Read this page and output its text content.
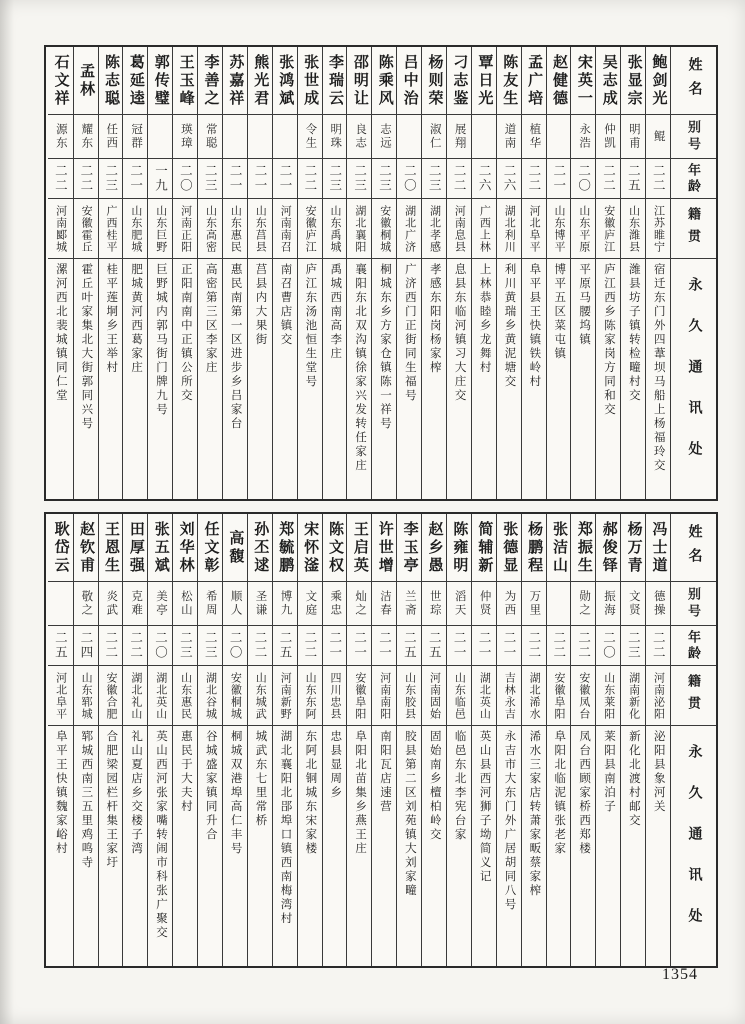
姓名
别号
年龄
籍贯
永久通讯处
鲍剑光
鲲
二二
江苏睢宁
宿迁东门外四葦坝马船上杨福玲交
张显宗
明甫
二五
山东潍县
潍县坊子镇转检疃村交
吴志成
仲凯
二二
安徽庐江
庐江西乡陈家岗方同和交
宋英一
永浩
二〇
山东平原
平原马腰坞镇
赵健德
二一
山东博平
博平五区菜屯镇
孟广培
植华
二二
河北阜平
阜平县王快镇铁岭村
陈友生
道南
二六
湖北利川
利川黄瑞乡黄泥塘交
覃日光
二六
广西上林
上林恭睦乡龙舞村
刁志鉴
展翔
二二
河南息县
息县东临河镇习大庄交
杨则荣
淑仁
二三
湖北孝感
孝感东阳岗杨家榨
吕中治
二〇
湖北广济
广济西门正街同生福号
陈乘风
志远
二三
安徽桐城
桐城东乡方家仓镇陈一祥号
邵明让
良志
二三
湖北襄阳
襄阳东北双沟镇徐家兴发转任家庄
李瑞云
明珠
二三
山东禹城
禹城西南高李庄
张世成
令生
二二
安徽庐江
庐江东汤池恒生堂号
张鸿斌
二一
河南南召
南召曹店镇交
熊光君
二一
山东莒县
莒县内大果街
苏嘉祥
二一
山东惠民
惠民南第一区进步乡吕家台
李善之
常聪
二三
山东高密
高密第三区李家庄
王玉峰
瑛璋
二〇
河南正阳
正阳南南中正镇公所交
郭传璧
一九
山东巨野
巨野城内郭马街门牌九号
葛延逵
冠群
二一
山东肥城
肥城黄河西葛家庄
陈志聪
任西
二三
广西桂平
桂平莲垌乡王举村
孟林
耀东
二二
安徽霍丘
霍丘叶家集北大街郭同兴号
石文祥
源东
二二
河南郾城
漯河西北裴城镇同仁堂
姓名
别号
年龄
籍贯
永久通讯处
冯士道
德操
二二
河南泌阳
泌阳县象河关
杨万青
文贤
二三
湖南新化
新化北渡村邮交
郝俊铎
振海
二〇
山东莱阳
莱阳县南泊子
郑振生
勋之
二二
安徽凤台
凤台西顾家桥西郑楼
张洁山
二二
安徽阜阳
阜阳北临泥镇张老家
杨鹏程
万里
二二
湖北浠水
浠水三家店转萧家畈蔡家榨
张德显
为西
二一
吉林永吉
永吉市大东门外广居胡同八号
简辅新
仲贤
二一
湖北英山
英山县西河狮子坳简义记
陈雍明
滔天
二一
山东临邑
临邑东北李宪台家
赵乡愚
世琮
二五
河南固始
固始南乡檀柏岭交
李玉亭
兰斋
二五
山东胶县
胶县第二区刘苑镇大刘家疃
许世增
洁春
二一
河南南阳
南阳瓦店速营
王启英
灿之
二一
安徽阜阳
阜阳北苗集乡燕王庄
陈文权
乘忠
二一
四川忠县
忠县显周乡
宋怀滏
文庭
二二
山东东阿
东阿北铜城东宋家楼
郑毓鹏
博九
二五
河南新野
湖北襄阳北郘埠口镇西南梅湾村
孙丕逑
圣谦
二二
山东城武
城武东七里常桥
高馥
顺人
二〇
安徽桐城
桐城双港埠高仁丰号
任文彰
希周
二三
湖北谷城
谷城盛家镇同升合
刘华林
松山
二三
山东惠民
惠民于大夫村
张五斌
美亭
二〇
湖北英山
英山西河张家嘴转闹市科张广聚交
田厚强
克难
二二
湖北礼山
礼山夏店乡交楼子湾
王恩生
炎武
二二
安徽合肥
合肥梁园栏杆集王家圩
赵钦甫
敬之
二四
山东郓城
郓城西南三五里鸡鸣寺
耿岱云
二五
河北阜平
阜平王快镇魏家峪村
1354
